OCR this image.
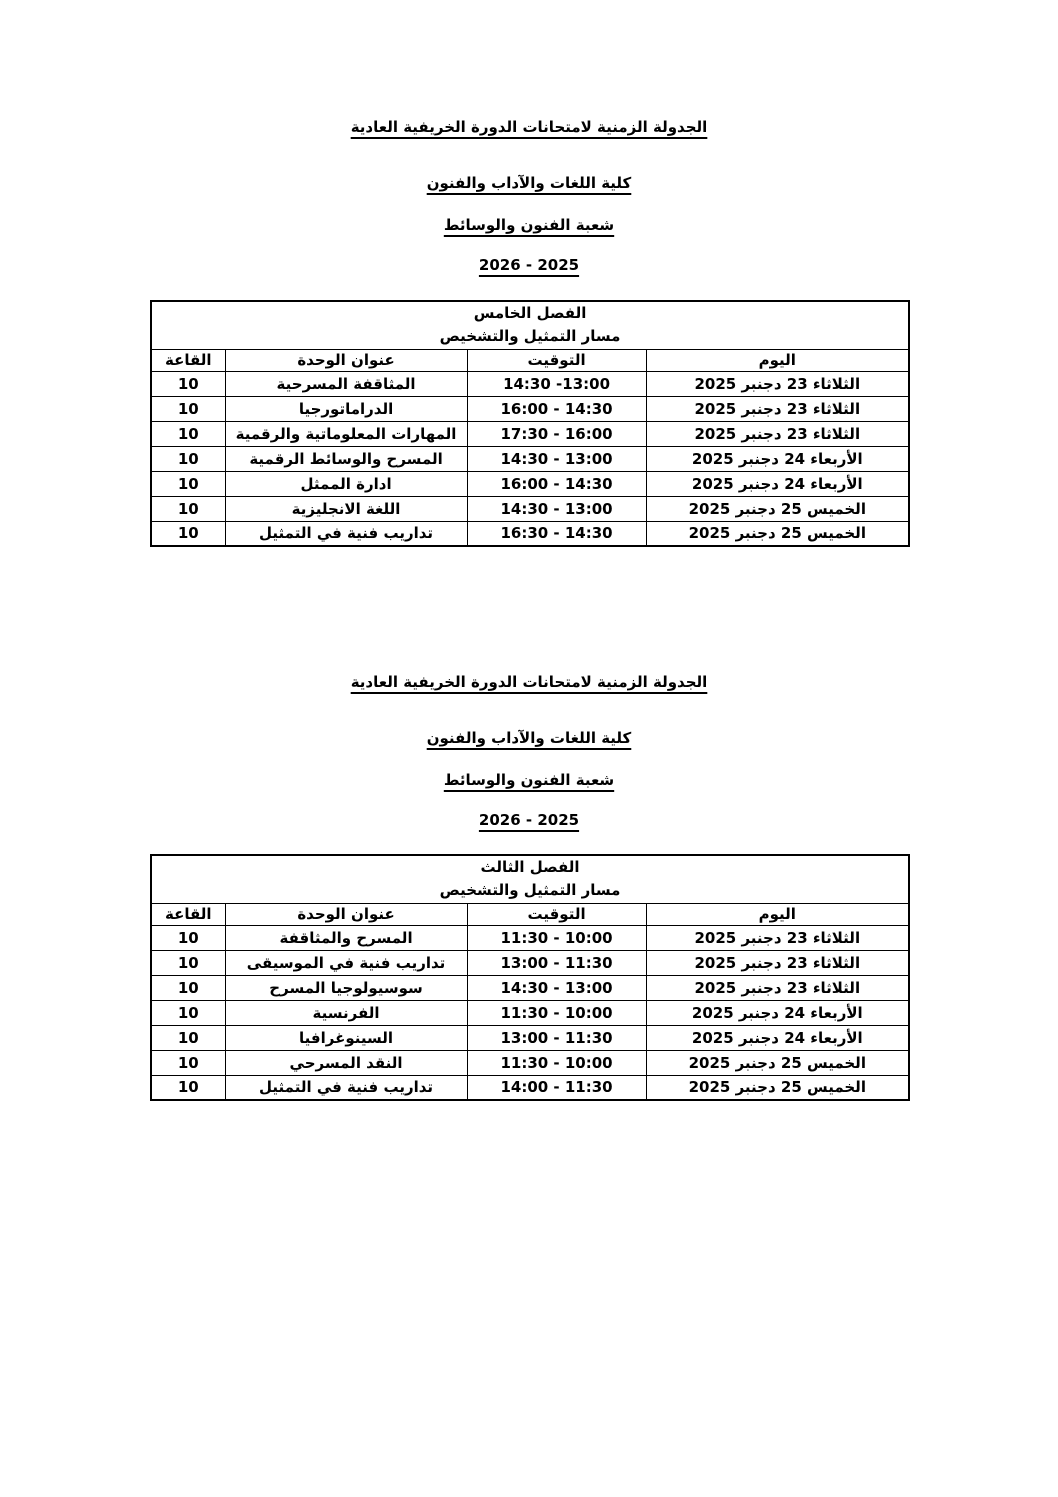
الجدولة الزمنية لامتحانات الدورة الخريفية العادية
كلية اللغات والآداب والفنون
شعبة الفنون والوسائط
2026 - 2025
الفصل الخامس
مسار التمثيل والتشخيص			

اليوم	التوقيت	عنوان الوحدة	القاعة
الثلاثاء 23 دجنبر 2025	14:30 -13:00	المثاقفة المسرحية	10
الثلاثاء 23 دجنبر 2025	16:00 - 14:30	الدراماتورجيا	10
الثلاثاء 23 دجنبر 2025	17:30 - 16:00	المهارات المعلوماتية والرقمية	10
الأربعاء 24 دجنبر 2025	14:30 - 13:00	المسرح والوسائط الرقمية	10
الأربعاء 24 دجنبر 2025	16:00 - 14:30	ادارة الممثل	10
الخميس 25 دجنبر 2025	14:30 - 13:00	اللغة الانجليزية	10
الخميس 25 دجنبر 2025	16:30 - 14:30	تداريب فنية في التمثيل	10
الجدولة الزمنية لامتحانات الدورة الخريفية العادية
كلية اللغات والآداب والفنون
شعبة الفنون والوسائط
2026 - 2025
الفصل الثالث
مسار التمثيل والتشخيص			

اليوم	التوقيت	عنوان الوحدة	القاعة
الثلاثاء 23 دجنبر 2025	11:30 - 10:00	المسرح والمثاقفة	10
الثلاثاء 23 دجنبر 2025	13:00 - 11:30	تداريب فنية في الموسيقى	10
الثلاثاء 23 دجنبر 2025	14:30 - 13:00	سوسيولوجيا المسرح	10
الأربعاء 24 دجنبر 2025	11:30 - 10:00	الفرنسية	10
الأربعاء 24 دجنبر 2025	13:00 - 11:30	السينوغرافيا	10
الخميس 25 دجنبر 2025	11:30 - 10:00	النقد المسرحي	10
الخميس 25 دجنبر 2025	14:00 - 11:30	تداريب فنية في التمثيل	10
